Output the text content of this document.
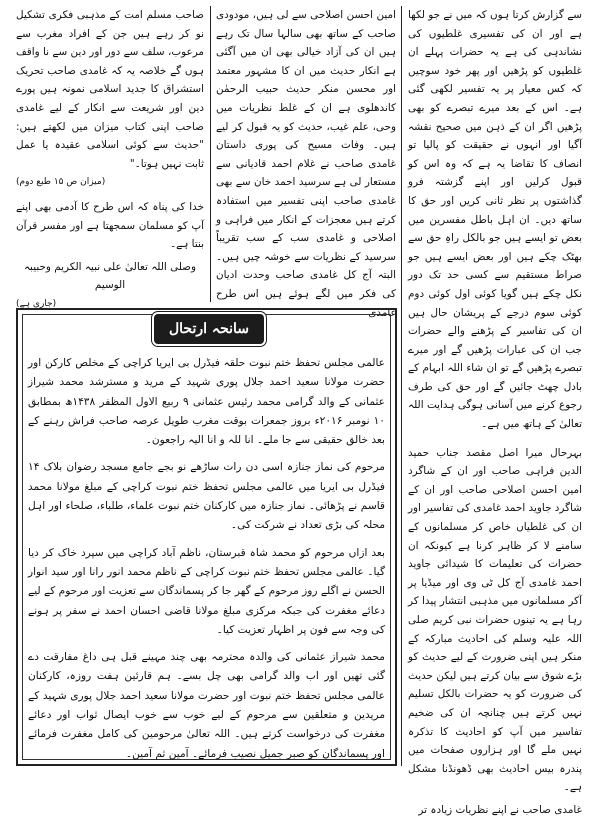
سے گزارش کرتا ہوں کہ میں نے جو لکھا ہے اور ان کی تفسیری غلطیوں کی نشاندہی کی ہے یہ حضرات پہلے ان غلطیوں کو پڑھیں اور پھر خود سوچیں کہ کس معیار پر یہ تفسیر لکھی گئی ہے۔ اس کے بعد میرے تبصرے کو بھی پڑھیں اگر ان کے ذہن میں صحیح نقشہ آگیا اور انہوں نے حقیقت کو پالیا تو انصاف کا تقاضا یہ ہے کہ وہ اس کو قبول کرلیں اور اپنے گزشتہ فرو گذاشتوں پر نظر ثانی کریں اور حق کا ساتھ دیں۔ ان اہل باطل مفسرین میں بعض تو ایسے ہیں جو بالکل راہِ حق سے بھٹک چکے ہیں اور بعض ایسے ہیں جو صراط مستقیم سے کسی حد تک دور نکل چکے ہیں گویا کوئی اول کوئی دوم کوئی سوم درجے کے پریشان حال ہیں ان کی تفاسیر کے پڑھنے والے حضرات جب ان کی عبارات پڑھیں گے اور میرے تبصرے پڑھیں گے تو ان شاء اللہ ابہام کے بادل چھٹ جائیں گے اور حق کی طرف رجوع کرنے میں آسانی ہوگی ہدایت اللہ تعالیٰ کے ہاتھ میں ہے۔

بہرحال میرا اصل مقصد جناب حمید الدین فراہی صاحب اور ان کے شاگرد امین احسن اصلاحی صاحب اور ان کے شاگرد جاوید احمد غامدی کی تفاسیر اور ان کی غلطیاں خاص کر مسلمانوں کے سامنے لا کر ظاہر کرنا ہے کیونکہ ان حضرات کی تعلیمات کا شیدائی جاوید احمد غامدی آج کل ٹی وی اور میڈیا پر آکر مسلمانوں میں مذہبی انتشار پیدا کر رہا ہے یہ تینوں حضرات نبی کریم صلی اللہ علیہ وسلم کی احادیث مبارکہ کے منکر ہیں اپنی ضرورت کے لیے حدیث کو بڑے شوق سے بیان کرتے ہیں لیکن حدیث کی ضرورت کو یہ حضرات بالکل تسلیم نہیں کرتے ہیں چنانچہ ان کی ضخیم تفاسیر میں آپ کو احادیث کا تذکرہ نہیں ملے گا اور ہزاروں صفحات میں پندرہ بیس احادیث بھی ڈھونڈنا مشکل ہے۔

غامدی صاحب نے اپنے نظریات زیادہ تر

امین احسن اصلاحی سے لی ہیں، مودودی صاحب کے ساتھ بھی سالہا سال تک رہے ہیں ان کی آزاد خیالی بھی ان میں آگئی ہے انکار حدیث میں ان کا مشہور معتمد اور محسن منکر حدیث حبیب الرحمٰن کاندھلوی ہے ان کے غلط نظریات میں وحی، علم غیب، حدیث کو یہ قبول کر لیے ہیں۔ وفات مسیح کی پوری داستان غامدی صاحب نے غلام احمد قادیانی سے مستعار لی ہے سرسید احمد خان سے بھی غامدی صاحب اپنی تفسیر میں استفادہ کرتے ہیں معجزات کے انکار میں فراہی و اصلاحی و غامدی سب کے سب تقریباً سرسید کے نظریات سے خوشہ چیں ہیں۔ البتہ آج کل غامدی صاحب وحدت ادیان کی فکر میں لگے ہوئے ہیں اس طرح غامدی

صاحب مسلم امت کے مذہبی فکری تشکیل نو کر رہے ہیں جن کے افراد مغرب سے مرعوب، سلف سے دور اور دین سے نا واقف ہوں گے خلاصہ یہ کہ غامدی صاحب تحریک استشراق کا جدید اسلامی نمونہ ہیں پورے دین اور شریعت سے انکار کے لیے غامدی صاحب اپنی کتاب میزان میں لکھتے ہیں: "حدیث سے کوئی اسلامی عقیدہ یا عمل ثابت نہیں ہوتا۔"

(میزان ص ۱۵ طبع دوم)

خدا کی پناہ کہ اس طرح کا آدمی بھی اپنے آپ کو مسلمان سمجھتا ہے اور مفسر قرآن بنتا ہے۔

وصلی اللہ تعالیٰ علی نبیہ الکریم وحبیبہ الوسیم

(جاری ہے)

سانحہ ارتحال

عالمی مجلس تحفظ ختم نبوت حلقہ فیڈرل بی ایریا کراچی کے مخلص کارکن اور حضرت مولانا سعید احمد جلال پوری شہید کے مرید و مسترشد محمد شیراز عثمانی کے والد گرامی محمد رئیس عثمانی ۹ ربیع الاول المظفر ۱۴۳۸ھ بمطابق ۱۰ نومبر ۲۰۱۶ء بروز جمعرات بوقت مغرب طویل عرصہ صاحب فراش رہنے کے بعد خالق حقیقی سے جا ملے۔ انا للہ و انا الیہ راجعون۔

مرحوم کی نماز جنازہ اسی دن رات ساڑھے نو بجے جامع مسجد رضوان بلاک ۱۴ فیڈرل بی ایریا میں عالمی مجلس تحفظ ختم نبوت کراچی کے مبلغ مولانا محمد قاسم نے پڑھائی۔ نماز جنازہ میں کارکنان ختم نبوت علماء، طلباء، صلحاء اور اہل محلہ کی بڑی تعداد نے شرکت کی۔

بعد ازاں مرحوم کو محمد شاہ قبرستان، ناظم آباد کراچی میں سپرد خاک کر دیا گیا۔ عالمی مجلس تحفظ ختم نبوت کراچی کے ناظم محمد انور رانا اور سید انوار الحسن نے اگلے روز مرحوم کے گھر جا کر پسماندگان سے تعزیت اور مرحوم کے لیے دعائے مغفرت کی جبکہ مرکزی مبلغ مولانا قاضی احسان احمد نے سفر پر ہونے کی وجہ سے فون پر اظہار تعزیت کیا۔

محمد شیراز عثمانی کی والدہ محترمہ بھی چند مہینے قبل ہی داغ مفارقت دے گئی تھیں اور اب والد گرامی بھی چل بسے۔ ہم قارئین ہفت روزہ، کارکنان عالمی مجلس تحفظ ختم نبوت اور حضرت مولانا سعید احمد جلال پوری شہید کے مریدین و متعلقین سے مرحوم کے لیے خوب سے خوب ایصال ثواب اور دعائے مغفرت کی درخواست کرتے ہیں۔ اللہ تعالیٰ مرحومین کی کامل مغفرت فرمائے اور پسماندگان کو صبر جمیل نصیب فرمائے۔ آمین ثم آمین۔
